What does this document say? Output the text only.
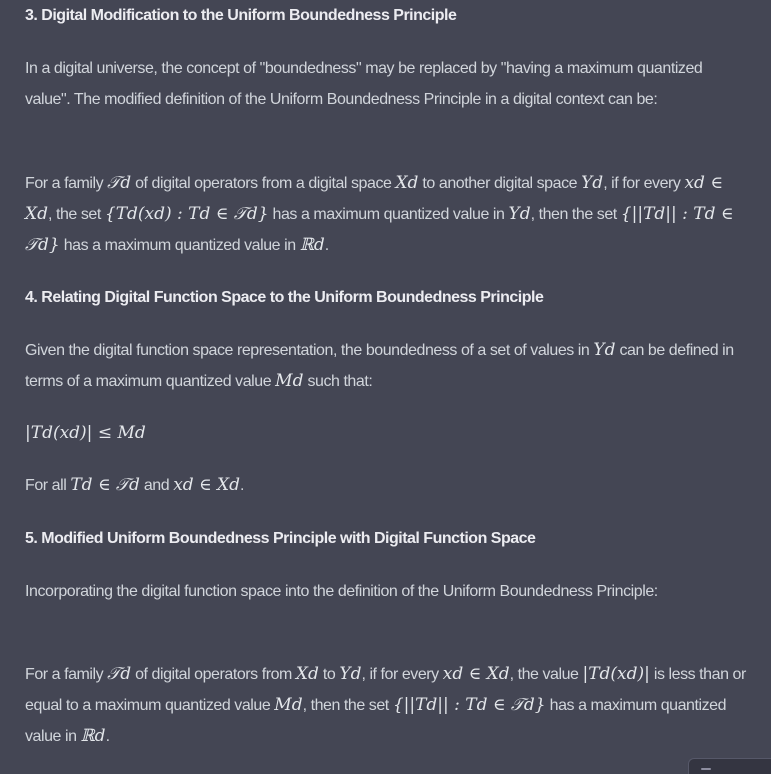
3. Digital Modification to the Uniform Boundedness Principle

In a digital universe, the concept of "boundedness" may be replaced by "having a maximum quantized value". The modified definition of the Uniform Boundedness Principle in a digital context can be:

For a family 𝒯d of digital operators from a digital space Xd to another digital space Yd, if for every xd ∈ Xd, the set {Td(xd) : Td ∈ 𝒯d} has a maximum quantized value in Yd, then the set {||Td|| : Td ∈ 𝒯d} has a maximum quantized value in ℝd.

4. Relating Digital Function Space to the Uniform Boundedness Principle

Given the digital function space representation, the boundedness of a set of values in Yd can be defined in terms of a maximum quantized value Md such that:

|Td(xd)| ≤ Md

For all Td ∈ 𝒯d and xd ∈ Xd.

5. Modified Uniform Boundedness Principle with Digital Function Space

Incorporating the digital function space into the definition of the Uniform Boundedness Principle:

For a family 𝒯d of digital operators from Xd to Yd, if for every xd ∈ Xd, the value |Td(xd)| is less than or equal to a maximum quantized value Md, then the set {||Td|| : Td ∈ 𝒯d} has a maximum quantized value in ℝd.
